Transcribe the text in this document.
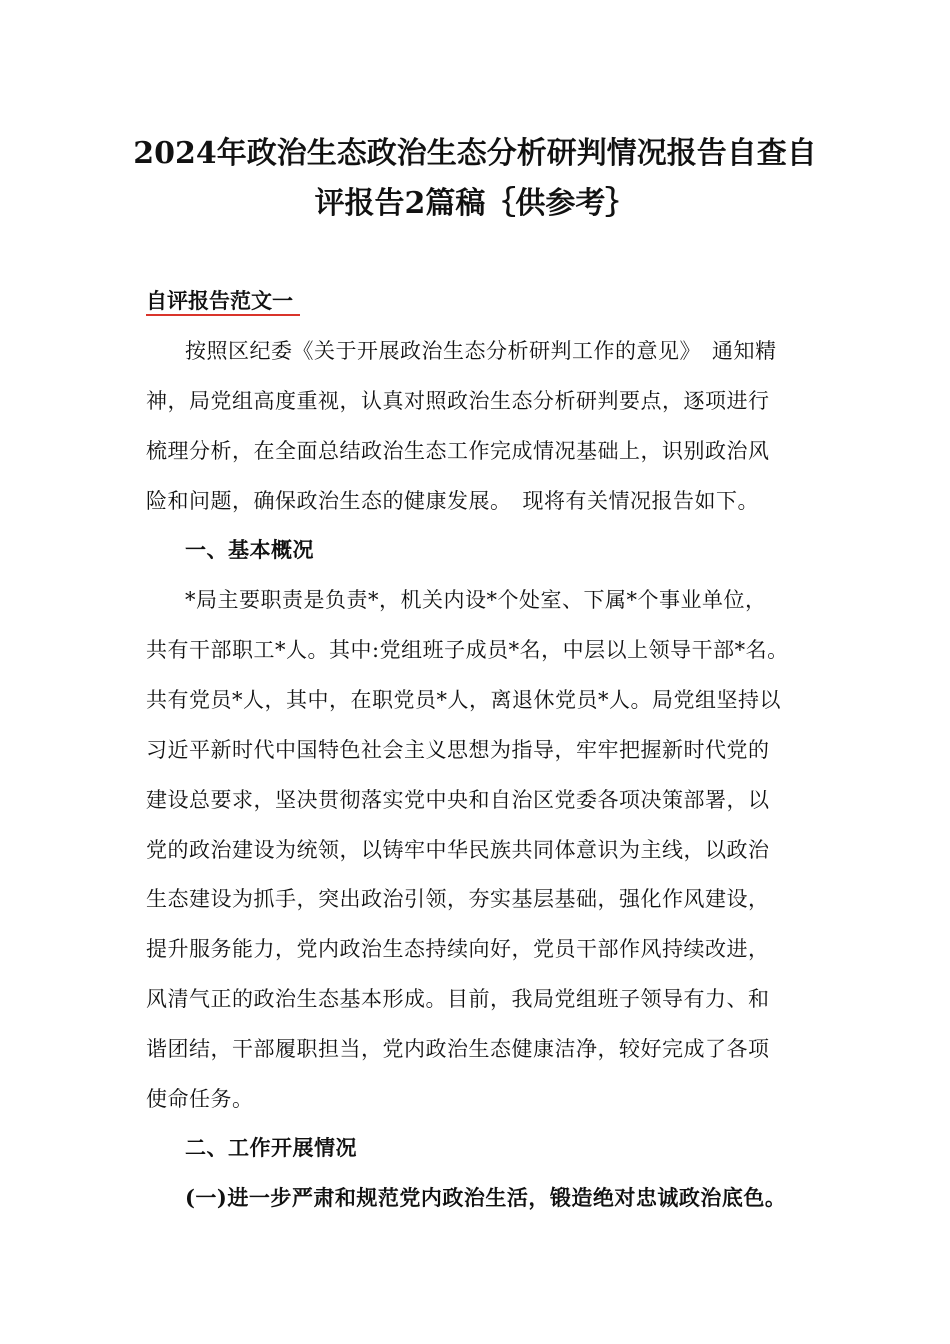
2024年政治生态政治生态分析研判情况报告自查自
评报告2篇稿｛供参考｝
自评报告范文一
按照区纪委《关于开展政治生态分析研判工作的意见》　通知精
神，局党组高度重视，认真对照政治生态分析研判要点，逐项进行
梳理分析，在全面总结政治生态工作完成情况基础上，识别政治风
险和问题，确保政治生态的健康发展。　现将有关情况报告如下。
一、基本概况
*局主要职责是负责*，机关内设*个处室、下属*个事业单位，
共有干部职工*人。其中:党组班子成员*名，中层以上领导干部*名。
共有党员*人，其中，在职党员*人，离退休党员*人。局党组坚持以
习近平新时代中国特色社会主义思想为指导，牢牢把握新时代党的
建设总要求，坚决贯彻落实党中央和自治区党委各项决策部署，以
党的政治建设为统领，以铸牢中华民族共同体意识为主线，以政治
生态建设为抓手，突出政治引领，夯实基层基础，强化作风建设，
提升服务能力，党内政治生态持续向好，党员干部作风持续改进，
风清气正的政治生态基本形成。目前，我局党组班子领导有力、和
谐团结，干部履职担当，党内政治生态健康洁净，较好完成了各项
使命任务。
二、工作开展情况
(一)进一步严肃和规范党内政治生活，锻造绝对忠诚政治底色。
